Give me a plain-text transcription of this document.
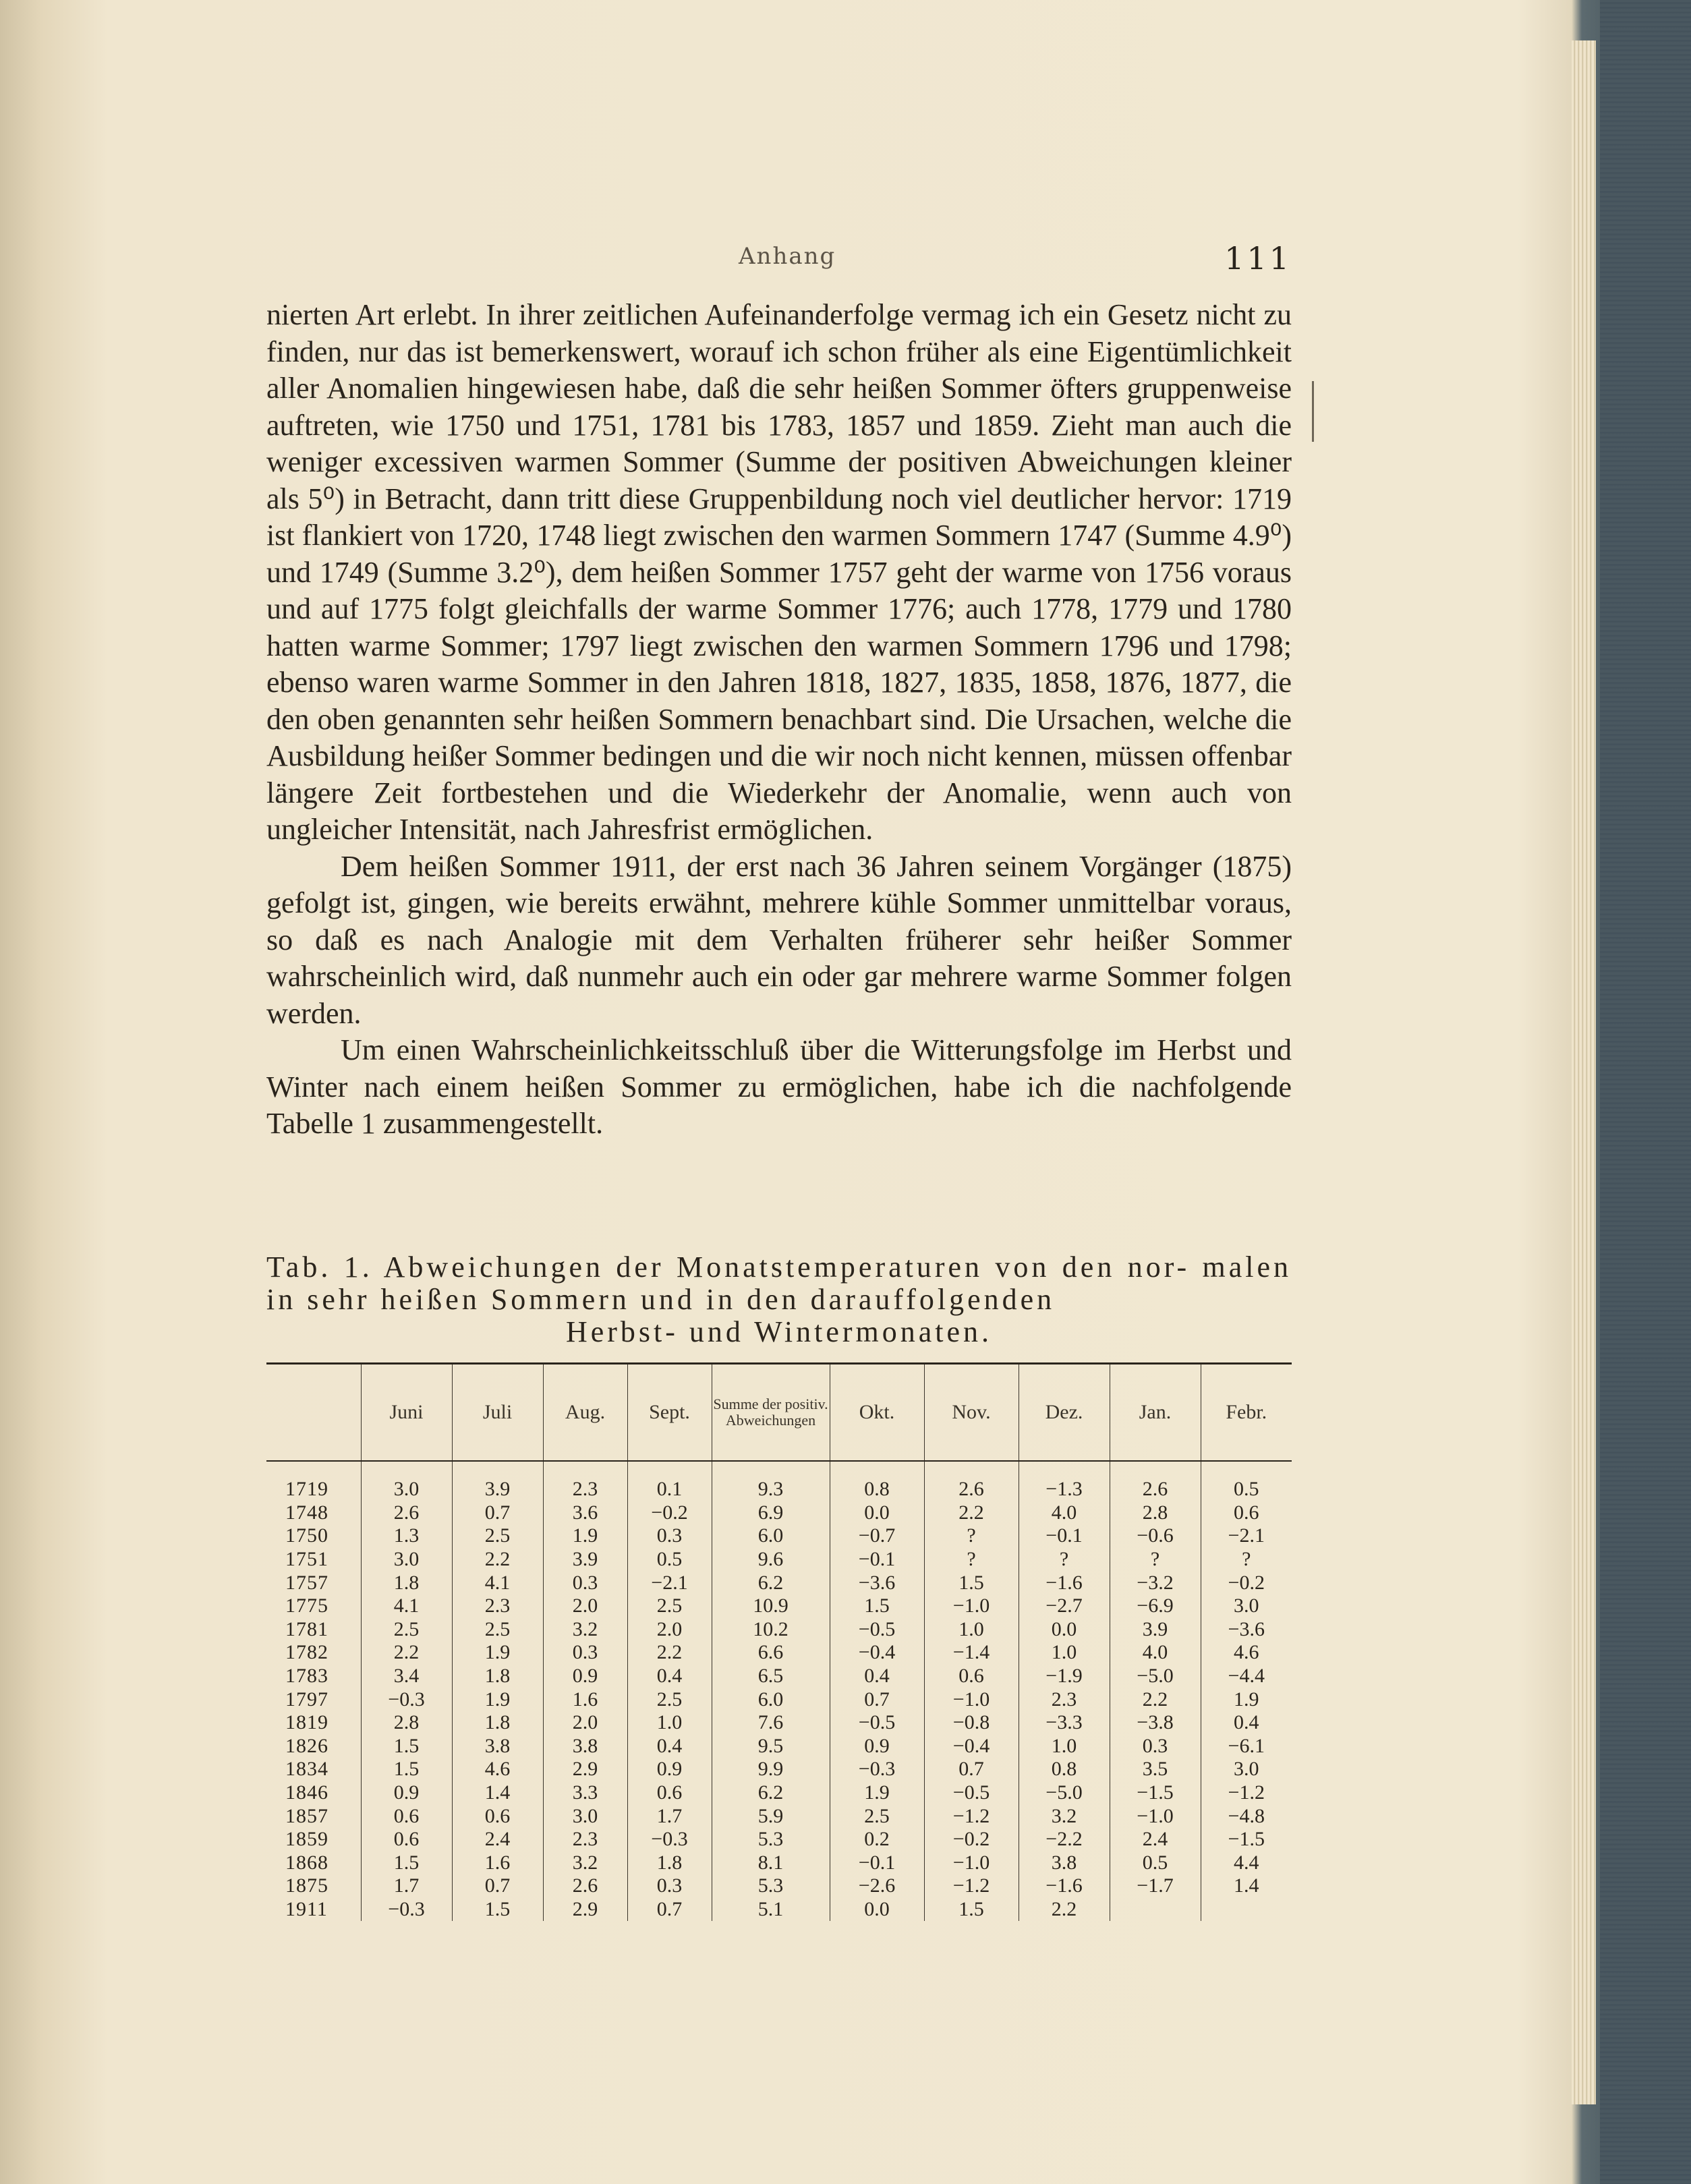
Anhang	111

nierten Art erlebt. In ihrer zeitlichen Aufeinanderfolge vermag ich ein Gesetz nicht zu finden, nur das ist bemerkenswert, worauf ich schon früher als eine Eigentümlichkeit aller Anomalien hingewiesen habe, daß die sehr heißen Sommer öfters gruppenweise auftreten, wie 1750 und 1751, 1781 bis 1783, 1857 und 1859. Zieht man auch die weniger excessiven warmen Sommer (Summe der positiven Abweichungen kleiner als 5⁰) in Betracht, dann tritt diese Gruppenbildung noch viel deutlicher hervor: 1719 ist flankiert von 1720, 1748 liegt zwischen den warmen Sommern 1747 (Summe 4.9⁰) und 1749 (Summe 3.2⁰), dem heißen Sommer 1757 geht der warme von 1756 voraus und auf 1775 folgt gleichfalls der warme Sommer 1776; auch 1778, 1779 und 1780 hatten warme Sommer; 1797 liegt zwischen den warmen Sommern 1796 und 1798; ebenso waren warme Sommer in den Jahren 1818, 1827, 1835, 1858, 1876, 1877, die den oben genannten sehr heißen Sommern benachbart sind. Die Ursachen, welche die Ausbildung heißer Sommer bedingen und die wir noch nicht kennen, müssen offenbar längere Zeit fortbestehen und die Wiederkehr der Anomalie, wenn auch von ungleicher Intensität, nach Jahresfrist ermöglichen.

Dem heißen Sommer 1911, der erst nach 36 Jahren seinem Vorgänger (1875) gefolgt ist, gingen, wie bereits erwähnt, mehrere kühle Sommer unmittelbar voraus, so daß es nach Analogie mit dem Verhalten früherer sehr heißer Sommer wahrscheinlich wird, daß nunmehr auch ein oder gar mehrere warme Sommer folgen werden.

Um einen Wahrscheinlichkeitsschluß über die Witterungsfolge im Herbst und Winter nach einem heißen Sommer zu ermöglichen, habe ich die nachfolgende Tabelle 1 zusammengestellt.

Tab. 1. Abweichungen der Monatstemperaturen von den nor- malen in sehr heißen Sommern und in den darauffolgenden
Herbst- und Wintermonaten.
	Juni	Juli	Aug.	Sept.	Summe der positiv. Abweichungen	Okt.	Nov.	Dez.	Jan.	Febr.
1719	3.0	3.9	2.3	0.1	9.3	0.8	2.6	−1.3	2.6	0.5
1748	2.6	0.7	3.6	−0.2	6.9	0.0	2.2	4.0	2.8	0.6
1750	1.3	2.5	1.9	0.3	6.0	−0.7	?	−0.1	−0.6	−2.1
1751	3.0	2.2	3.9	0.5	9.6	−0.1	?	?	?	?
1757	1.8	4.1	0.3	−2.1	6.2	−3.6	1.5	−1.6	−3.2	−0.2
1775	4.1	2.3	2.0	2.5	10.9	1.5	−1.0	−2.7	−6.9	3.0
1781	2.5	2.5	3.2	2.0	10.2	−0.5	1.0	0.0	3.9	−3.6
1782	2.2	1.9	0.3	2.2	6.6	−0.4	−1.4	1.0	4.0	4.6
1783	3.4	1.8	0.9	0.4	6.5	0.4	0.6	−1.9	−5.0	−4.4
1797	−0.3	1.9	1.6	2.5	6.0	0.7	−1.0	2.3	2.2	1.9
1819	2.8	1.8	2.0	1.0	7.6	−0.5	−0.8	−3.3	−3.8	0.4
1826	1.5	3.8	3.8	0.4	9.5	0.9	−0.4	1.0	0.3	−6.1
1834	1.5	4.6	2.9	0.9	9.9	−0.3	0.7	0.8	3.5	3.0
1846	0.9	1.4	3.3	0.6	6.2	1.9	−0.5	−5.0	−1.5	−1.2
1857	0.6	0.6	3.0	1.7	5.9	2.5	−1.2	3.2	−1.0	−4.8
1859	0.6	2.4	2.3	−0.3	5.3	0.2	−0.2	−2.2	2.4	−1.5
1868	1.5	1.6	3.2	1.8	8.1	−0.1	−1.0	3.8	0.5	4.4
1875	1.7	0.7	2.6	0.3	5.3	−2.6	−1.2	−1.6	−1.7	1.4
1911	−0.3	1.5	2.9	0.7	5.1	0.0	1.5	2.2		
